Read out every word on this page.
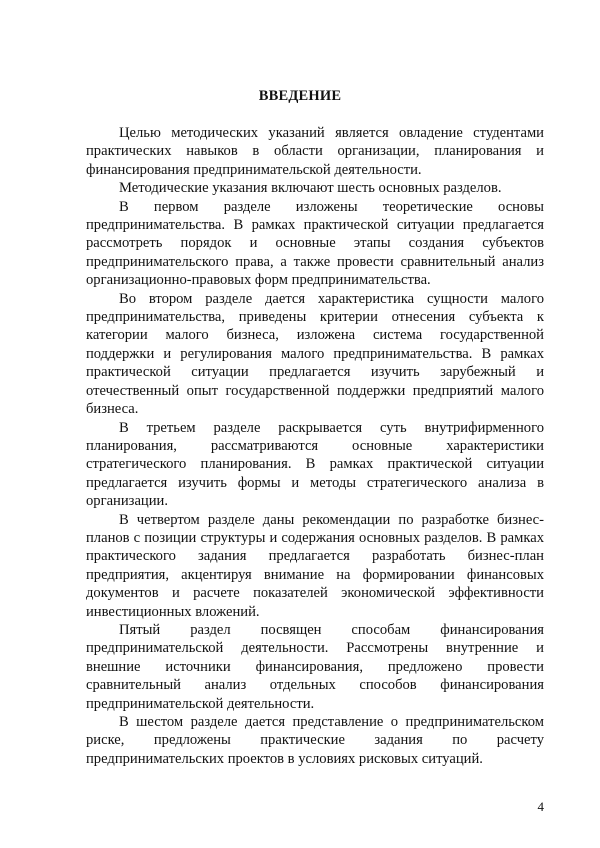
ВВЕДЕНИЕ

Целью методических указаний является овладение студентами практических навыков в области организации, планирования и финансирования предпринимательской деятельности.

Методические указания включают шесть основных разделов.

В первом разделе изложены теоретические основы предпринимательства. В рамках практической ситуации предлагается рассмотреть порядок и основные этапы создания субъектов предпринимательского права, а также провести сравнительный анализ организационно-правовых форм предпринимательства.

Во втором разделе дается характеристика сущности малого предпринимательства, приведены критерии отнесения субъекта к категории малого бизнеса, изложена система государственной поддержки и регулирования малого предпринимательства. В рамках практической ситуации предлагается изучить зарубежный и отечественный опыт государственной поддержки предприятий малого бизнеса.

В третьем разделе раскрывается суть внутрифирменного планирования, рассматриваются основные характеристики стратегического планирования. В рамках практической ситуации предлагается изучить формы и методы стратегического анализа в организации.

В четвертом разделе даны рекомендации по разработке бизнес-планов с позиции структуры и содержания основных разделов. В рамках практического задания предлагается разработать бизнес-план предприятия, акцентируя внимание на формировании финансовых документов и расчете показателей экономической эффективности инвестиционных вложений.

Пятый раздел посвящен способам финансирования предпринимательской деятельности. Рассмотрены внутренние и внешние источники финансирования, предложено провести сравнительный анализ отдельных способов финансирования предпринимательской деятельности.

В шестом разделе дается представление о предпринимательском риске, предложены практические задания по расчету предпринимательских проектов в условиях рисковых ситуаций.

4
